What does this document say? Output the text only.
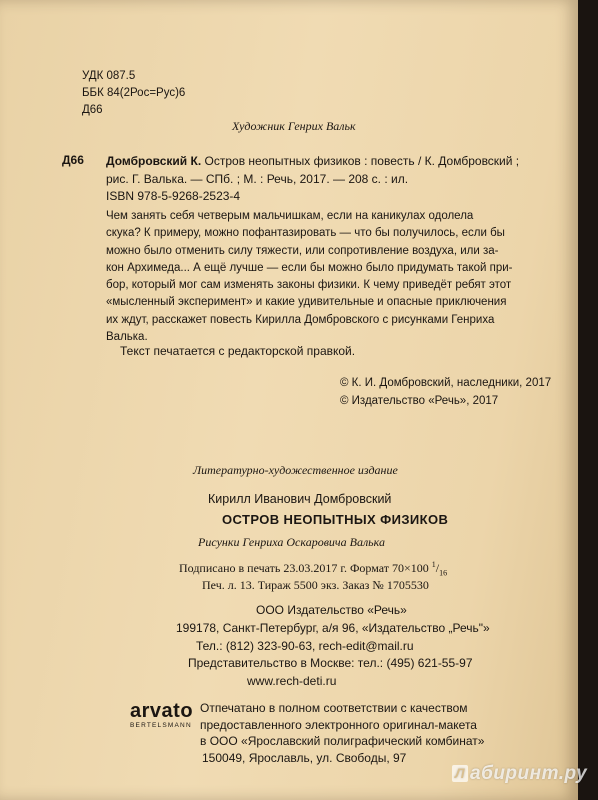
УДК 087.5
ББК 84(2Рос=Рус)6
Д66
Художник Генрих Вальк
Д66 Домбровский К. Остров неопытных физиков : повесть / К. Домбровский ;
рис. Г. Валька. — СПб. ; М. : Речь, 2017. — 208 с. : ил.
ISBN 978-5-9268-2523-4
Чем занять себя четверым мальчишкам, если на каникулах одолела
скука? К примеру, можно пофантазировать — что бы получилось, если бы
можно было отменить силу тяжести, или сопротивление воздуха, или за-
кон Архимеда... А ещё лучше — если бы можно было придумать такой при-
бор, который мог сам изменять законы физики. К чему приведёт ребят этот
«мысленный эксперимент» и какие удивительные и опасные приключения
их ждут, расскажет повесть Кирилла Домбровского с рисунками Генриха
Валька.
Текст печатается с редакторской правкой.
© К. И. Домбровский, наследники, 2017
© Издательство «Речь», 2017
Литературно-художественное издание
Кирилл Иванович Домбровский
ОСТРОВ НЕОПЫТНЫХ ФИЗИКОВ
Рисунки Генриха Оскаровича Валька
Подписано в печать 23.03.2017 г. Формат 70×100 $^1/_{16}$
Печ. л. 13. Тираж 5500 экз. Заказ № 1705530
ООО Издательство «Речь»
199178, Санкт-Петербург, а/я 96, «Издательство „Речь"»
Тел.: (812) 323-90-63, rech-edit@mail.ru
Представительство в Москве: тел.: (495) 621-55-97
www.rech-deti.ru
arvato
BERTELSMANN
Отпечатано в полном соответствии с качеством
предоставленного электронного оригинал-макета
в ООО «Ярославский полиграфический комбинат»
150049, Ярославль, ул. Свободы, 97
Л абиринт.ру
